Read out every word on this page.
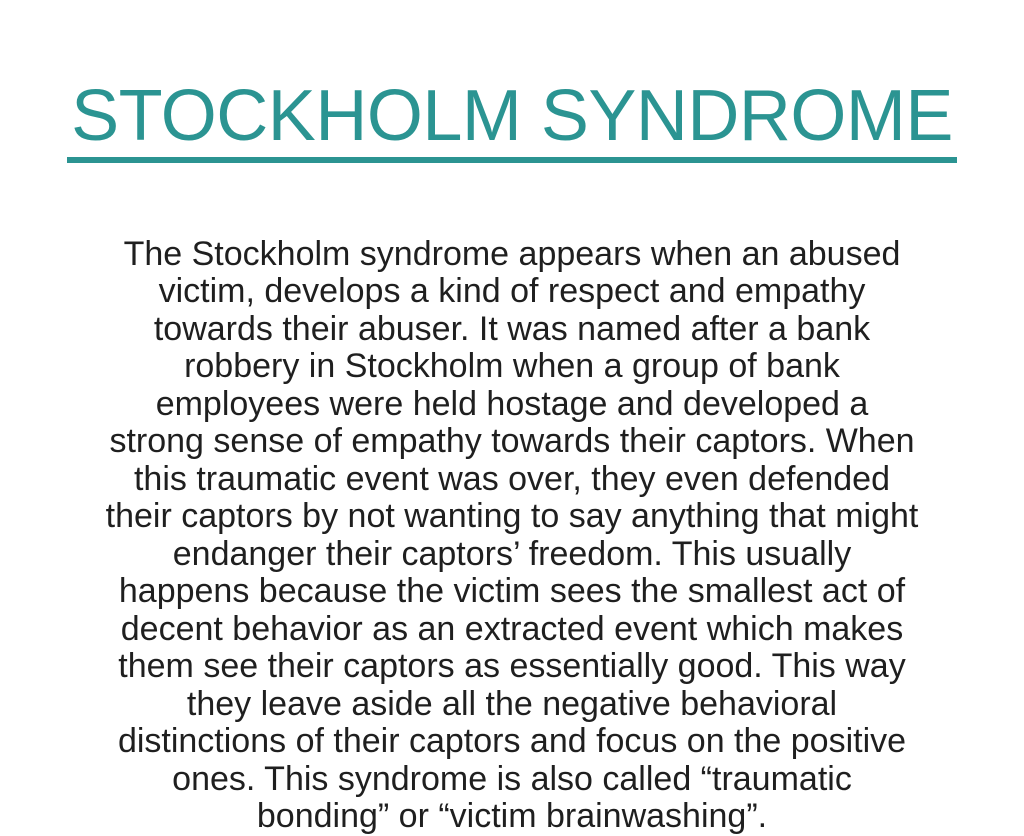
STOCKHOLM SYNDROME
The Stockholm syndrome appears when an abused
victim, develops a kind of respect and empathy
towards their abuser. It was named after a bank
robbery in Stockholm when a group of bank
employees were held hostage and developed a
strong sense of empathy towards their captors. When
this traumatic event was over, they even defended
their captors by not wanting to say anything that might
endanger their captors’ freedom. This usually
happens because the victim sees the smallest act of
decent behavior as an extracted event which makes
them see their captors as essentially good. This way
they leave aside all the negative behavioral
distinctions of their captors and focus on the positive
ones. This syndrome is also called “traumatic
bonding” or “victim brainwashing”.
